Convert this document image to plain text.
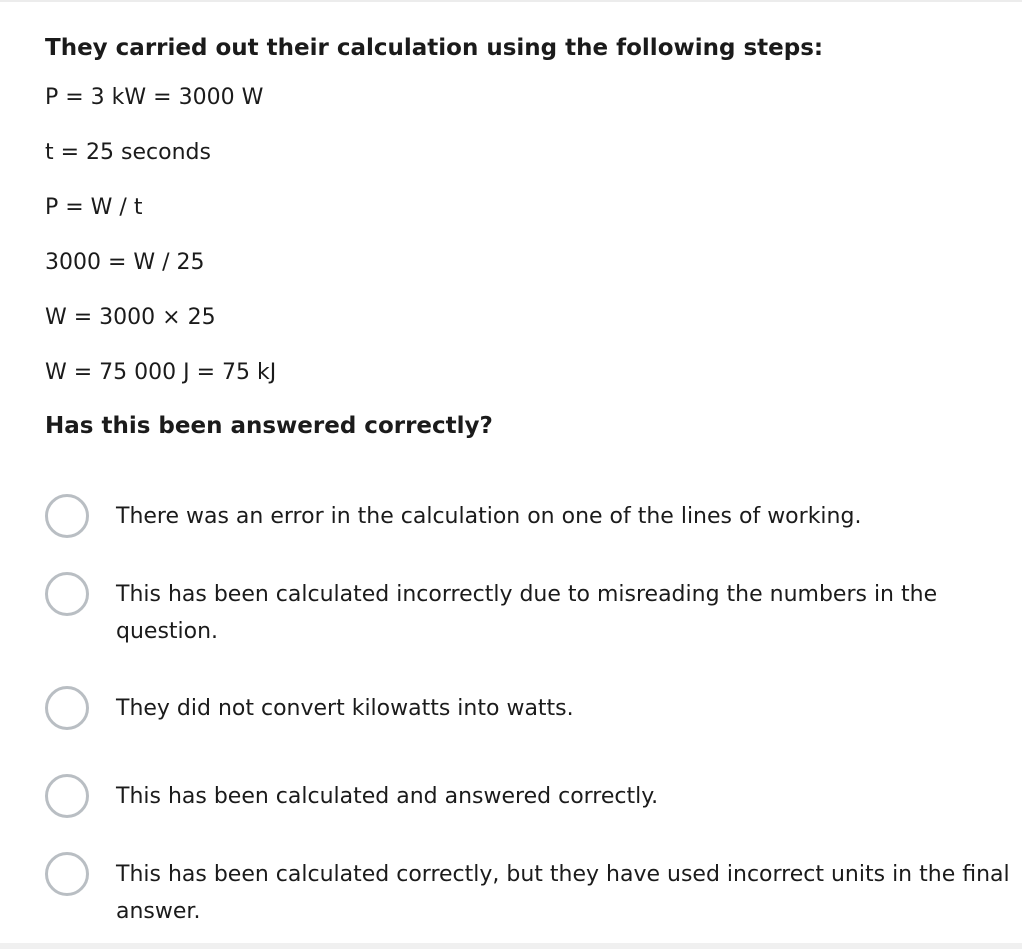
They carried out their calculation using the following steps:

P = 3 kW = 3000 W
t = 25 seconds
P = W / t
3000 = W / 25
W = 3000 × 25
W = 75 000 J = 75 kJ

Has this been answered correctly?

There was an error in the calculation on one of the lines of working.
This has been calculated incorrectly due to misreading the numbers in the question.
They did not convert kilowatts into watts.
This has been calculated and answered correctly.
This has been calculated correctly, but they have used incorrect units in the final answer.
